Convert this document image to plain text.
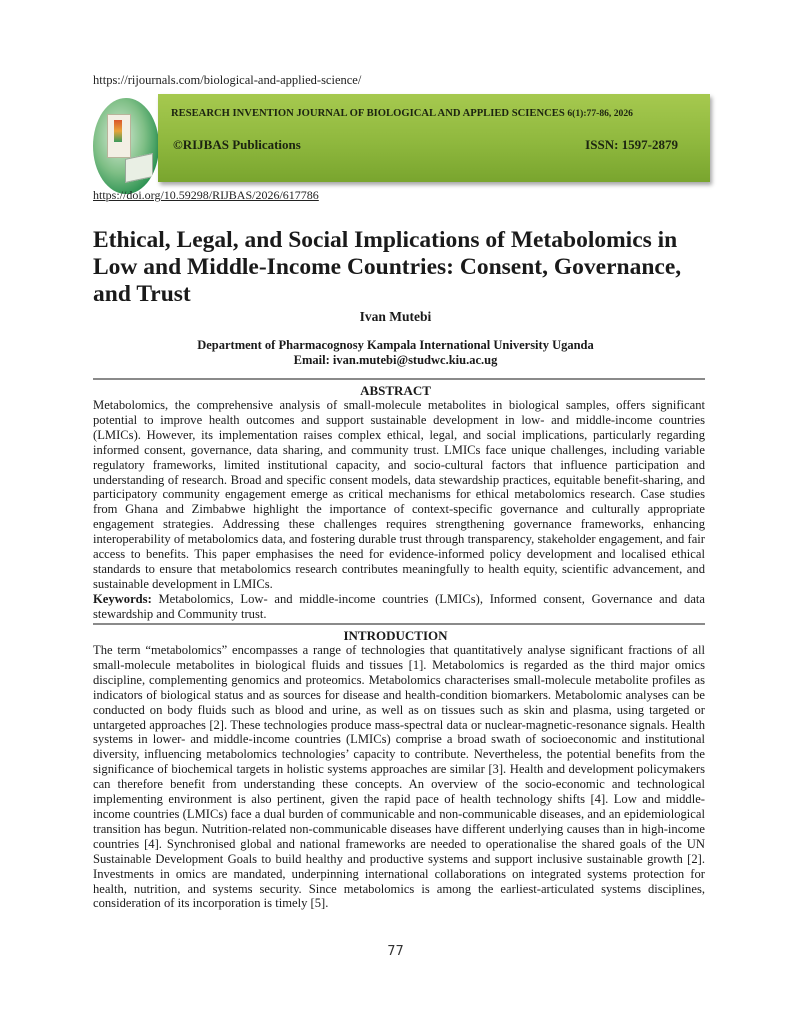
https://rijournals.com/biological-and-applied-science/
RESEARCH INVENTION JOURNAL OF BIOLOGICAL AND APPLIED SCIENCES 6(1):77-86, 2026
©RIJBAS Publications	ISSN: 1597-2879
https://doi.org/10.59298/RIJBAS/2026/617786
Ethical, Legal, and Social Implications of Metabolomics in Low and Middle-Income Countries: Consent, Governance, and Trust
Ivan Mutebi
Department of Pharmacognosy Kampala International University Uganda
Email: ivan.mutebi@studwc.kiu.ac.ug
ABSTRACT
Metabolomics, the comprehensive analysis of small-molecule metabolites in biological samples, offers significant potential to improve health outcomes and support sustainable development in low- and middle-income countries (LMICs). However, its implementation raises complex ethical, legal, and social implications, particularly regarding informed consent, governance, data sharing, and community trust. LMICs face unique challenges, including variable regulatory frameworks, limited institutional capacity, and socio-cultural factors that influence participation and understanding of research. Broad and specific consent models, data stewardship practices, equitable benefit-sharing, and participatory community engagement emerge as critical mechanisms for ethical metabolomics research. Case studies from Ghana and Zimbabwe highlight the importance of context-specific governance and culturally appropriate engagement strategies. Addressing these challenges requires strengthening governance frameworks, enhancing interoperability of metabolomics data, and fostering durable trust through transparency, stakeholder engagement, and fair access to benefits. This paper emphasises the need for evidence-informed policy development and localised ethical standards to ensure that metabolomics research contributes meaningfully to health equity, scientific advancement, and sustainable development in LMICs.
Keywords: Metabolomics, Low- and middle-income countries (LMICs), Informed consent, Governance and data stewardship and Community trust.
INTRODUCTION
The term “metabolomics” encompasses a range of technologies that quantitatively analyse significant fractions of all small-molecule metabolites in biological fluids and tissues [1]. Metabolomics is regarded as the third major omics discipline, complementing genomics and proteomics. Metabolomics characterises small-molecule metabolite profiles as indicators of biological status and as sources for disease and health-condition biomarkers. Metabolomic analyses can be conducted on body fluids such as blood and urine, as well as on tissues such as skin and plasma, using targeted or untargeted approaches [2]. These technologies produce mass-spectral data or nuclear-magnetic-resonance signals. Health systems in lower- and middle-income countries (LMICs) comprise a broad swath of socioeconomic and institutional diversity, influencing metabolomics technologies’ capacity to contribute. Nevertheless, the potential benefits from the significance of biochemical targets in holistic systems approaches are similar [3]. Health and development policymakers can therefore benefit from understanding these concepts. An overview of the socio-economic and technological implementing environment is also pertinent, given the rapid pace of health technology shifts [4]. Low and middle-income countries (LMICs) face a dual burden of communicable and non-communicable diseases, and an epidemiological transition has begun. Nutrition-related non-communicable diseases have different underlying causes than in high-income countries [4]. Synchronised global and national frameworks are needed to operationalise the shared goals of the UN Sustainable Development Goals to build healthy and productive systems and support inclusive sustainable growth [2]. Investments in omics are mandated, underpinning international collaborations on integrated systems protection for health, nutrition, and systems security. Since metabolomics is among the earliest-articulated systems disciplines, consideration of its incorporation is timely [5].
77
